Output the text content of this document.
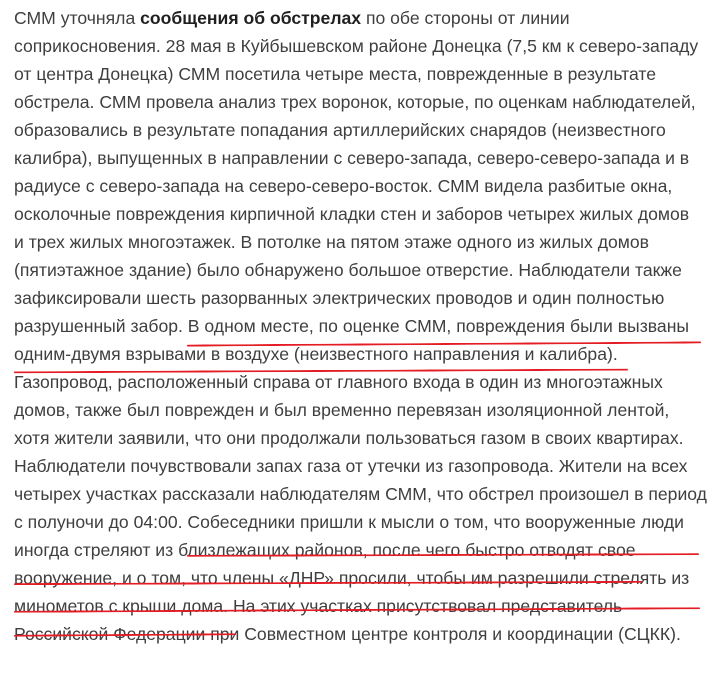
СММ уточняла сообщения об обстрелах по обе стороны от линии
соприкосновения. 28 мая в Куйбышевском районе Донецка (7,5 км к северо-западу
от центра Донецка) СММ посетила четыре места, поврежденные в результате
обстрела. СММ провела анализ трех воронок, которые, по оценкам наблюдателей,
образовались в результате попадания артиллерийских снарядов (неизвестного
калибра), выпущенных в направлении с северо-запада, северо-северо-запада и в
радиусе с северо-запада на северо-северо-восток. СММ видела разбитые окна,
осколочные повреждения кирпичной кладки стен и заборов четырех жилых домов
и трех жилых многоэтажек. В потолке на пятом этаже одного из жилых домов
(пятиэтажное здание) было обнаружено большое отверстие. Наблюдатели также
зафиксировали шесть разорванных электрических проводов и один полностью
разрушенный забор. В одном месте, по оценке СММ, повреждения были вызваны
одним-двумя взрывами в воздухе (неизвестного направления и калибра).
Газопровод, расположенный справа от главного входа в один из многоэтажных
домов, также был поврежден и был временно перевязан изоляционной лентой,
хотя жители заявили, что они продолжали пользоваться газом в своих квартирах.
Наблюдатели почувствовали запах газа от утечки из газопровода. Жители на всех
четырех участках рассказали наблюдателям СММ, что обстрел произошел в период
с полуночи до 04:00. Собеседники пришли к мысли о том, что вооруженные люди
иногда стреляют из близлежащих районов, после чего быстро отводят свое
вооружение, и о том, что члены «ДНР» просили, чтобы им разрешили стрелять из
минометов с крыши дома. На этих участках присутствовал представитель
Российской Федерации при Совместном центре контроля и координации (СЦКК).
